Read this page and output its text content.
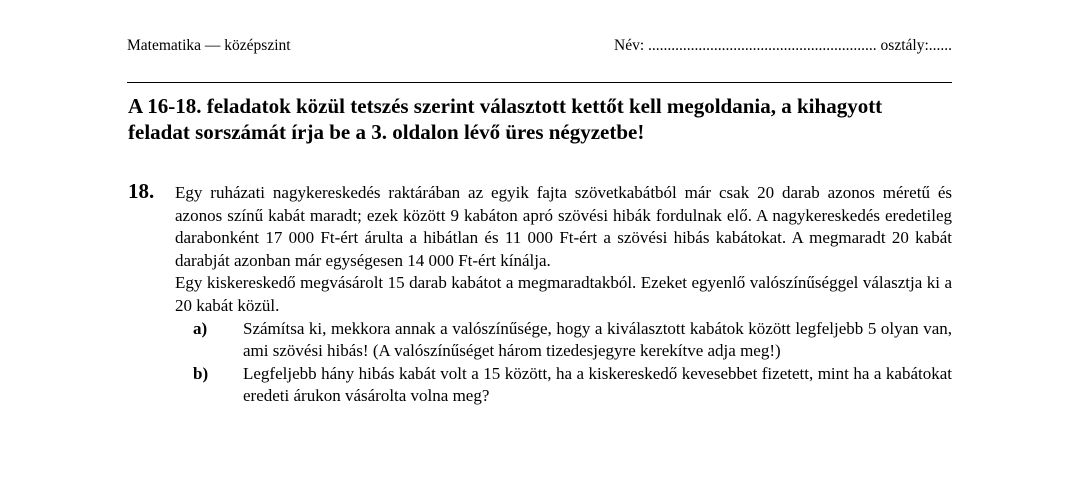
Matematika — középszint	Név: ........................................................... osztály:......
A 16-18. feladatok közül tetszés szerint választott kettőt kell megoldania, a kihagyott feladat sorszámát írja be a 3. oldalon lévő üres négyzetbe!
18. Egy ruházati nagykereskedés raktárában az egyik fajta szövetkabátból már csak 20 darab azonos méretű és azonos színű kabát maradt; ezek között 9 kabáton apró szövési hibák fordulnak elő. A nagykereskedés eredetileg darabonként 17 000 Ft-ért árulta a hibátlan és 11 000 Ft-ért a szövési hibás kabátokat. A megmaradt 20 kabát darabját azonban már egységesen 14 000 Ft-ért kínálja.

Egy kiskereskedő megvásárolt 15 darab kabátot a megmaradtakból. Ezeket egyenlő valószínűséggel választja ki a 20 kabát közül.

a) Számítsa ki, mekkora annak a valószínűsége, hogy a kiválasztott kabátok között legfeljebb 5 olyan van, ami szövési hibás! (A valószínűséget három tizedesjegyre kerekítve adja meg!)
b) Legfeljebb hány hibás kabát volt a 15 között, ha a kiskereskedő kevesebbet fizetett, mint ha a kabátokat eredeti árukon vásárolta volna meg?
